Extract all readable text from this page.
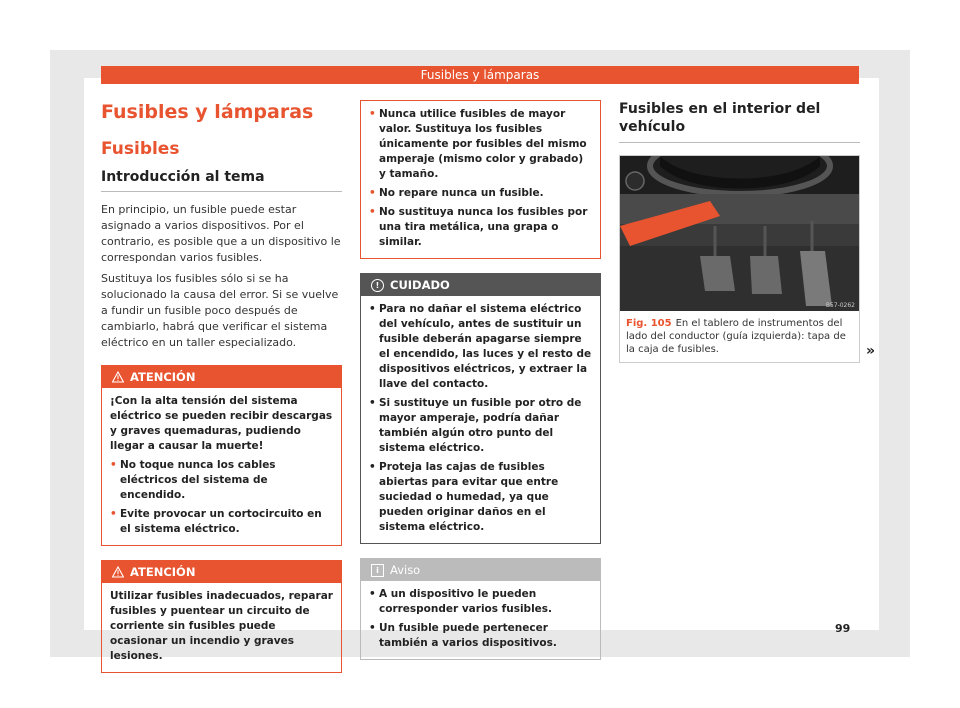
Fusibles y lámparas
Fusibles y lámparas
Fusibles
Introducción al tema

En principio, un fusible puede estar asignado a varios dispositivos. Por el contrario, es posible que a un dispositivo le correspondan varios fusibles.

Sustituya los fusibles sólo si se ha solucionado la causa del error. Si se vuelve a fundir un fusible poco después de cambiarlo, habrá que verificar el sistema eléctrico en un taller especializado.

ATENCIÓN

¡Con la alta tensión del sistema eléctrico se pueden recibir descargas y graves quemaduras, pudiendo llegar a causar la muerte!

• No toque nunca los cables eléctricos del sistema de encendido.

• Evite provocar un cortocircuito en el sistema eléctrico.

ATENCIÓN

Utilizar fusibles inadecuados, reparar fusibles y puentear un circuito de corriente sin fusibles puede ocasionar un incendio y graves lesiones.

• Nunca utilice fusibles de mayor valor. Sustituya los fusibles únicamente por fusibles del mismo amperaje (mismo color y grabado) y tamaño.

• No repare nunca un fusible.

• No sustituya nunca los fusibles por una tira metálica, una grapa o similar.

! CUIDADO

• Para no dañar el sistema eléctrico del vehículo, antes de sustituir un fusible deberán apagarse siempre el encendido, las luces y el resto de dispositivos eléctricos, y extraer la llave del contacto.

• Si sustituye un fusible por otro de mayor amperaje, podría dañar también algún otro punto del sistema eléctrico.

• Proteja las cajas de fusibles abiertas para evitar que entre suciedad o humedad, ya que pueden originar daños en el sistema eléctrico.

i Aviso

• A un dispositivo le pueden corresponder varios fusibles.

• Un fusible puede pertenecer también a varios dispositivos.

Fusibles en el interior del vehículo
B57-0262
Fig. 105 En el tablero de instrumentos del lado del conductor (guía izquierda): tapa de la caja de fusibles.	»
99
